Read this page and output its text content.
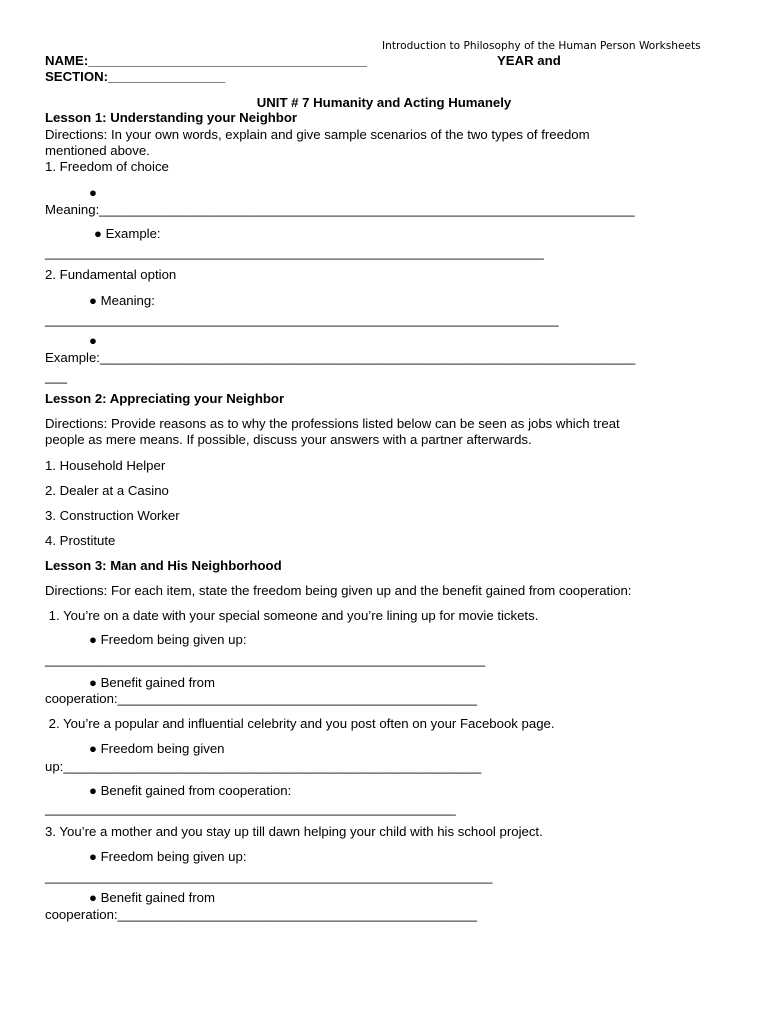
Introduction to Philosophy of the Human Person Worksheets
NAME:______________________________________	YEAR and
SECTION:________________
UNIT # 7 Humanity and Acting Humanely
Lesson 1: Understanding your Neighbor
Directions: In your own words, explain and give sample scenarios of the two types of freedom
mentioned above.
1. Freedom of choice
●
Meaning:_________________________________________________________________________
● Example:
____________________________________________________________________
2. Fundamental option
● Meaning:
______________________________________________________________________
●
Example:_________________________________________________________________________
___
Lesson 2: Appreciating your Neighbor
Directions: Provide reasons as to why the professions listed below can be seen as jobs which treat
people as mere means. If possible, discuss your answers with a partner afterwards.
1. Household Helper
2. Dealer at a Casino
3. Construction Worker
4. Prostitute
Lesson 3: Man and His Neighborhood
Directions: For each item, state the freedom being given up and the benefit gained from cooperation:
1. You’re on a date with your special someone and you’re lining up for movie tickets.
● Freedom being given up:
____________________________________________________________
● Benefit gained from
cooperation:_________________________________________________
2. You’re a popular and influential celebrity and you post often on your Facebook page.
● Freedom being given
up:_________________________________________________________
● Benefit gained from cooperation:
________________________________________________________
3. You’re a mother and you stay up till dawn helping your child with his school project.
● Freedom being given up:
_____________________________________________________________
● Benefit gained from
cooperation:_________________________________________________
